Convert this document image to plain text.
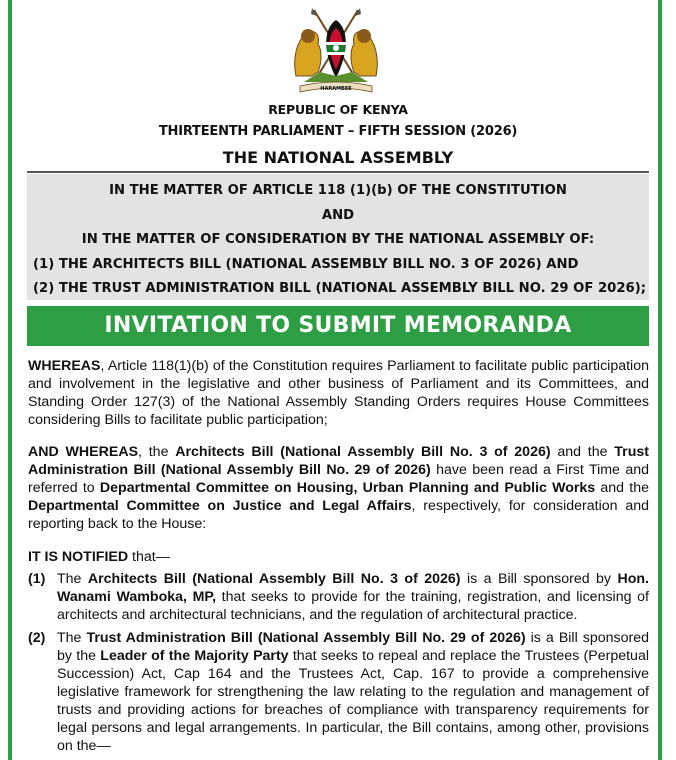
HARAMBEE
REPUBLIC OF KENYA
THIRTEENTH PARLIAMENT – FIFTH SESSION (2026)
THE NATIONAL ASSEMBLY
IN THE MATTER OF ARTICLE 118 (1)(b) OF THE CONSTITUTION
AND
IN THE MATTER OF CONSIDERATION BY THE NATIONAL ASSEMBLY OF:
(1) THE ARCHITECTS BILL (NATIONAL ASSEMBLY BILL NO. 3 OF 2026) AND
(2) THE TRUST ADMINISTRATION BILL (NATIONAL ASSEMBLY BILL NO. 29 OF 2026);
INVITATION TO SUBMIT MEMORANDA
WHEREAS, Article 118(1)(b) of the Constitution requires Parliament to facilitate public participation and involvement in the legislative and other business of Parliament and its Committees, and Standing Order 127(3) of the National Assembly Standing Orders requires House Committees considering Bills to facilitate public participation;
AND WHEREAS, the Architects Bill (National Assembly Bill No. 3 of 2026) and the Trust Administration Bill (National Assembly Bill No. 29 of 2026) have been read a First Time and referred to Departmental Committee on Housing, Urban Planning and Public Works and the Departmental Committee on Justice and Legal Affairs, respectively, for consideration and reporting back to the House:
IT IS NOTIFIED that—
(1) The Architects Bill (National Assembly Bill No. 3 of 2026) is a Bill sponsored by Hon. Wanami Wamboka, MP, that seeks to provide for the training, registration, and licensing of architects and architectural technicians, and the regulation of architectural practice.
(2) The Trust Administration Bill (National Assembly Bill No. 29 of 2026) is a Bill sponsored by the Leader of the Majority Party that seeks to repeal and replace the Trustees (Perpetual Succession) Act, Cap 164 and the Trustees Act, Cap. 167 to provide a comprehensive legislative framework for strengthening the law relating to the regulation and management of trusts and providing actions for breaches of compliance with transparency requirements for legal persons and legal arrangements. In particular, the Bill contains, among other, provisions on the—
